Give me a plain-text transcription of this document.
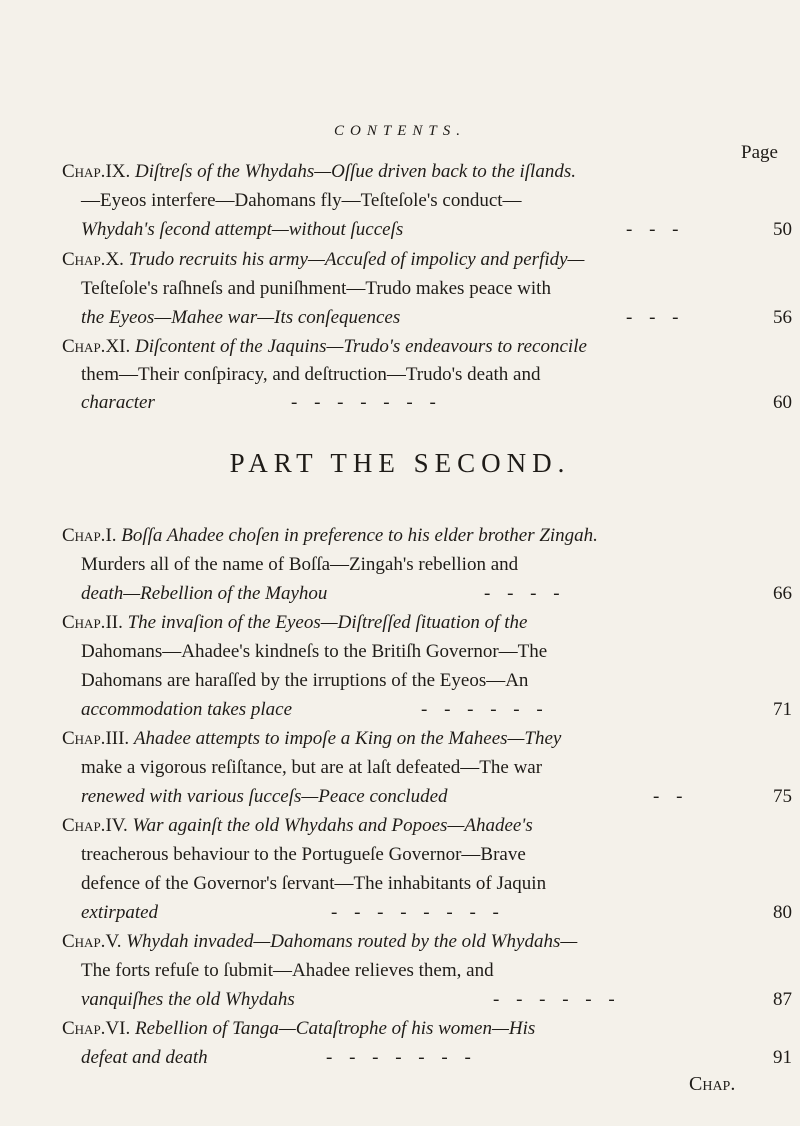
CONTENTS.
Page
Chap.IX. Diſtreſs of the Whydahs—Oſſue driven back to the iſlands.
—Eyeos interfere—Dahomans fly—Teſteſole's conduct—
Whydah's ſecond attempt—without ſucceſs	- - -	50
Chap.X. Trudo recruits his army—Accuſed of impolicy and perfidy—
Teſteſole's raſhneſs and puniſhment—Trudo makes peace with
the Eyeos—Mahee war—Its conſequences	- - -	56
Chap.XI. Diſcontent of the Jaquins—Trudo's endeavours to reconcile
them—Their conſpiracy, and deſtruction—Trudo's death and
character	- - - - - - -	60
PART THE SECOND.
Chap.I. Boſſa Ahadee choſen in preference to his elder brother Zingah.
Murders all of the name of Boſſa—Zingah's rebellion and
death—Rebellion of the Mayhou	- - - -	66
Chap.II. The invaſion of the Eyeos—Diſtreſſed ſituation of the
Dahomans—Ahadee's kindneſs to the Britiſh Governor—The
Dahomans are haraſſed by the irruptions of the Eyeos—An
accommodation takes place	- - - - - -	71
Chap.III. Ahadee attempts to impoſe a King on the Mahees—They
make a vigorous reſiſtance, but are at laſt defeated—The war
renewed with various ſucceſs—Peace concluded	- -	75
Chap.IV. War againſt the old Whydahs and Popoes—Ahadee's
treacherous behaviour to the Portugueſe Governor—Brave
defence of the Governor's ſervant—The inhabitants of Jaquin
extirpated	- - - - - - - -	80
Chap.V. Whydah invaded—Dahomans routed by the old Whydahs—
The forts refuſe to ſubmit—Ahadee relieves them, and
vanquiſhes the old Whydahs	- - - - - -	87
Chap.VI. Rebellion of Tanga—Cataſtrophe of his women—His
defeat and death	- - - - - - -	91
Chap.
